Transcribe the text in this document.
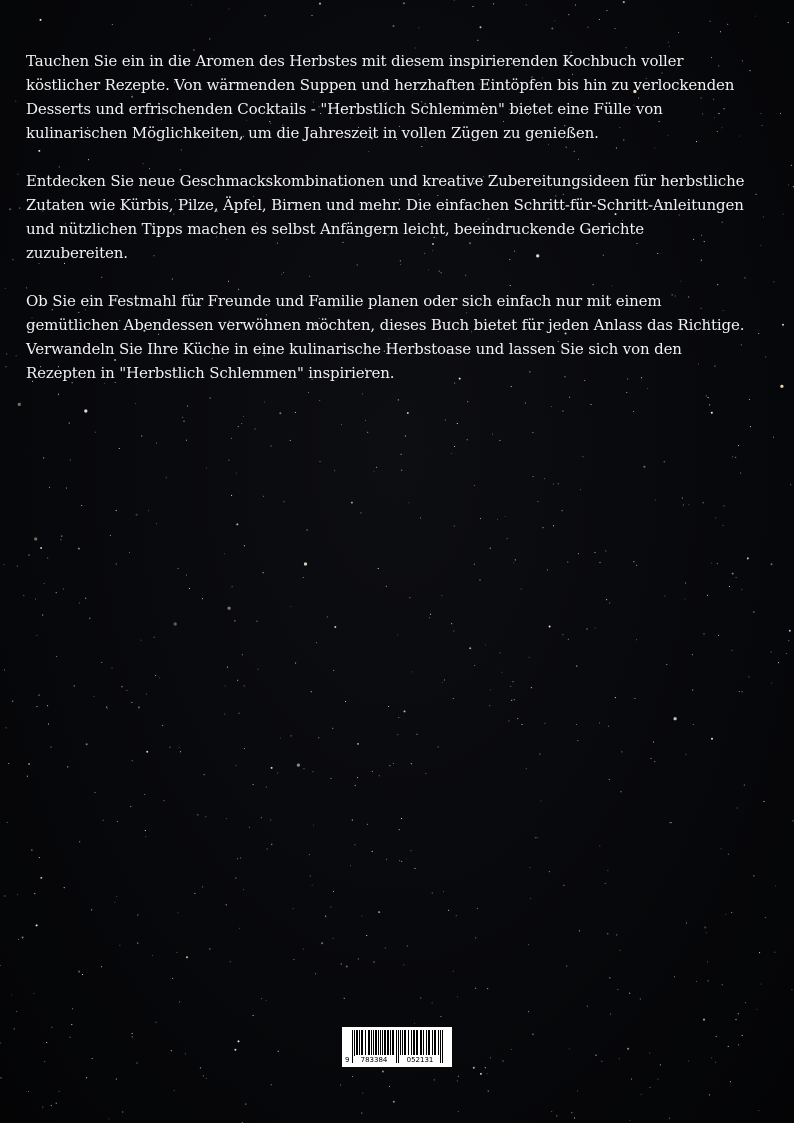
Tauchen Sie ein in die Aromen des Herbstes mit diesem inspirierenden Kochbuch voller köstlicher Rezepte. Von wärmenden Suppen und herzhaften Eintöpfen bis hin zu verlockenden Desserts und erfrischenden Cocktails - "Herbstlich Schlemmen" bietet eine Fülle von kulinarischen Möglichkeiten, um die Jahreszeit in vollen Zügen zu genießen.

Entdecken Sie neue Geschmackskombinationen und kreative Zubereitungsideen für herbstliche Zutaten wie Kürbis, Pilze, Äpfel, Birnen und mehr. Die einfachen Schritt-für-Schritt-Anleitungen und nützlichen Tipps machen es selbst Anfängern leicht, beeindruckende Gerichte zuzubereiten.

Ob Sie ein Festmahl für Freunde und Familie planen oder sich einfach nur mit einem gemütlichen Abendessen verwöhnen möchten, dieses Buch bietet für jeden Anlass das Richtige. Verwandeln Sie Ihre Küche in eine kulinarische Herbstoase und lassen Sie sich von den Rezepten in "Herbstlich Schlemmen" inspirieren.

9	783384	052131
